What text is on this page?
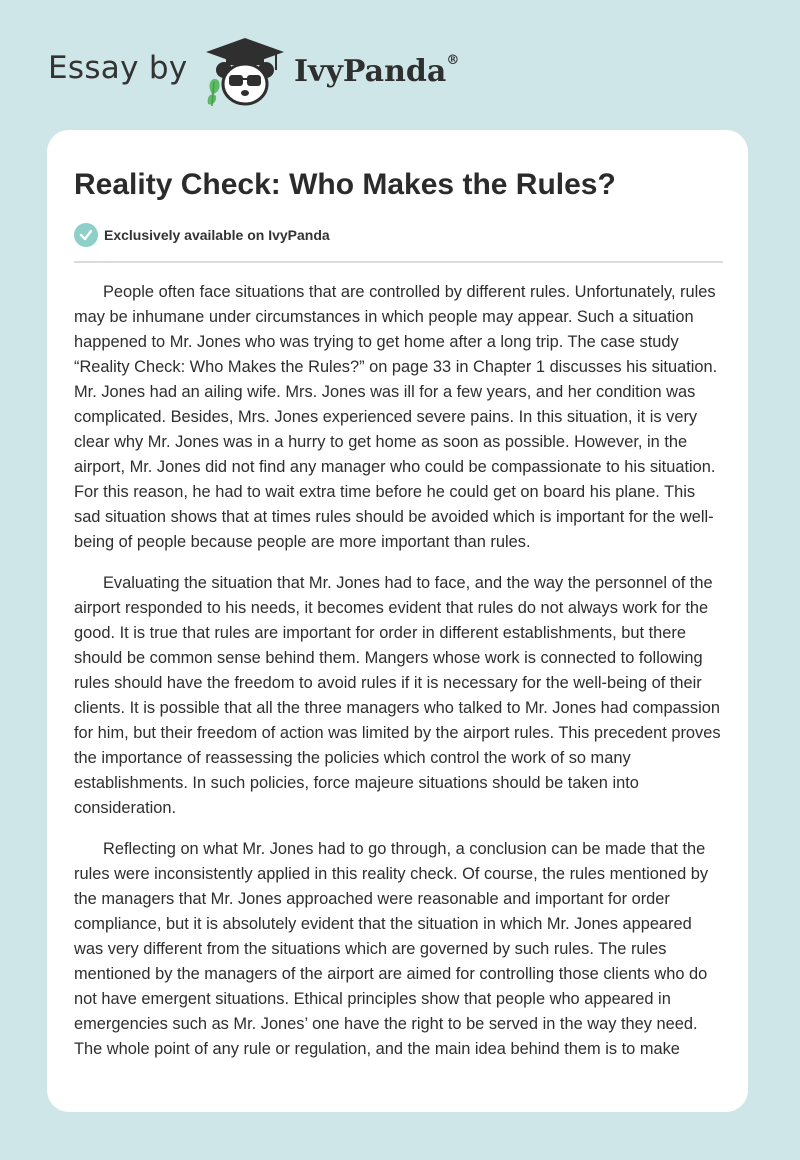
Essay by	IvyPanda®
Reality Check: Who Makes the Rules?
Exclusively available on IvyPanda

People often face situations that are controlled by different rules. Unfortunately, rules may be inhumane under circumstances in which people may appear. Such a situation happened to Mr. Jones who was trying to get home after a long trip. The case study “Reality Check: Who Makes the Rules?” on page 33 in Chapter 1 discusses his situation. Mr. Jones had an ailing wife. Mrs. Jones was ill for a few years, and her condition was complicated. Besides, Mrs. Jones experienced severe pains. In this situation, it is very clear why Mr. Jones was in a hurry to get home as soon as possible. However, in the airport, Mr. Jones did not find any manager who could be compassionate to his situation. For this reason, he had to wait extra time before he could get on board his plane. This sad situation shows that at times rules should be avoided which is important for the well-being of people because people are more important than rules.

Evaluating the situation that Mr. Jones had to face, and the way the personnel of the airport responded to his needs, it becomes evident that rules do not always work for the good. It is true that rules are important for order in different establishments, but there should be common sense behind them. Mangers whose work is connected to following rules should have the freedom to avoid rules if it is necessary for the well-being of their clients. It is possible that all the three managers who talked to Mr. Jones had compassion for him, but their freedom of action was limited by the airport rules. This precedent proves the importance of reassessing the policies which control the work of so many establishments. In such policies, force majeure situations should be taken into consideration.

Reflecting on what Mr. Jones had to go through, a conclusion can be made that the rules were inconsistently applied in this reality check. Of course, the rules mentioned by the managers that Mr. Jones approached were reasonable and important for order compliance, but it is absolutely evident that the situation in which Mr. Jones appeared was very different from the situations which are governed by such rules. The rules mentioned by the managers of the airport are aimed for controlling those clients who do not have emergent situations. Ethical principles show that people who appeared in emergencies such as Mr. Jones’ one have the right to be served in the way they need. The whole point of any rule or regulation, and the main idea behind them is to make
